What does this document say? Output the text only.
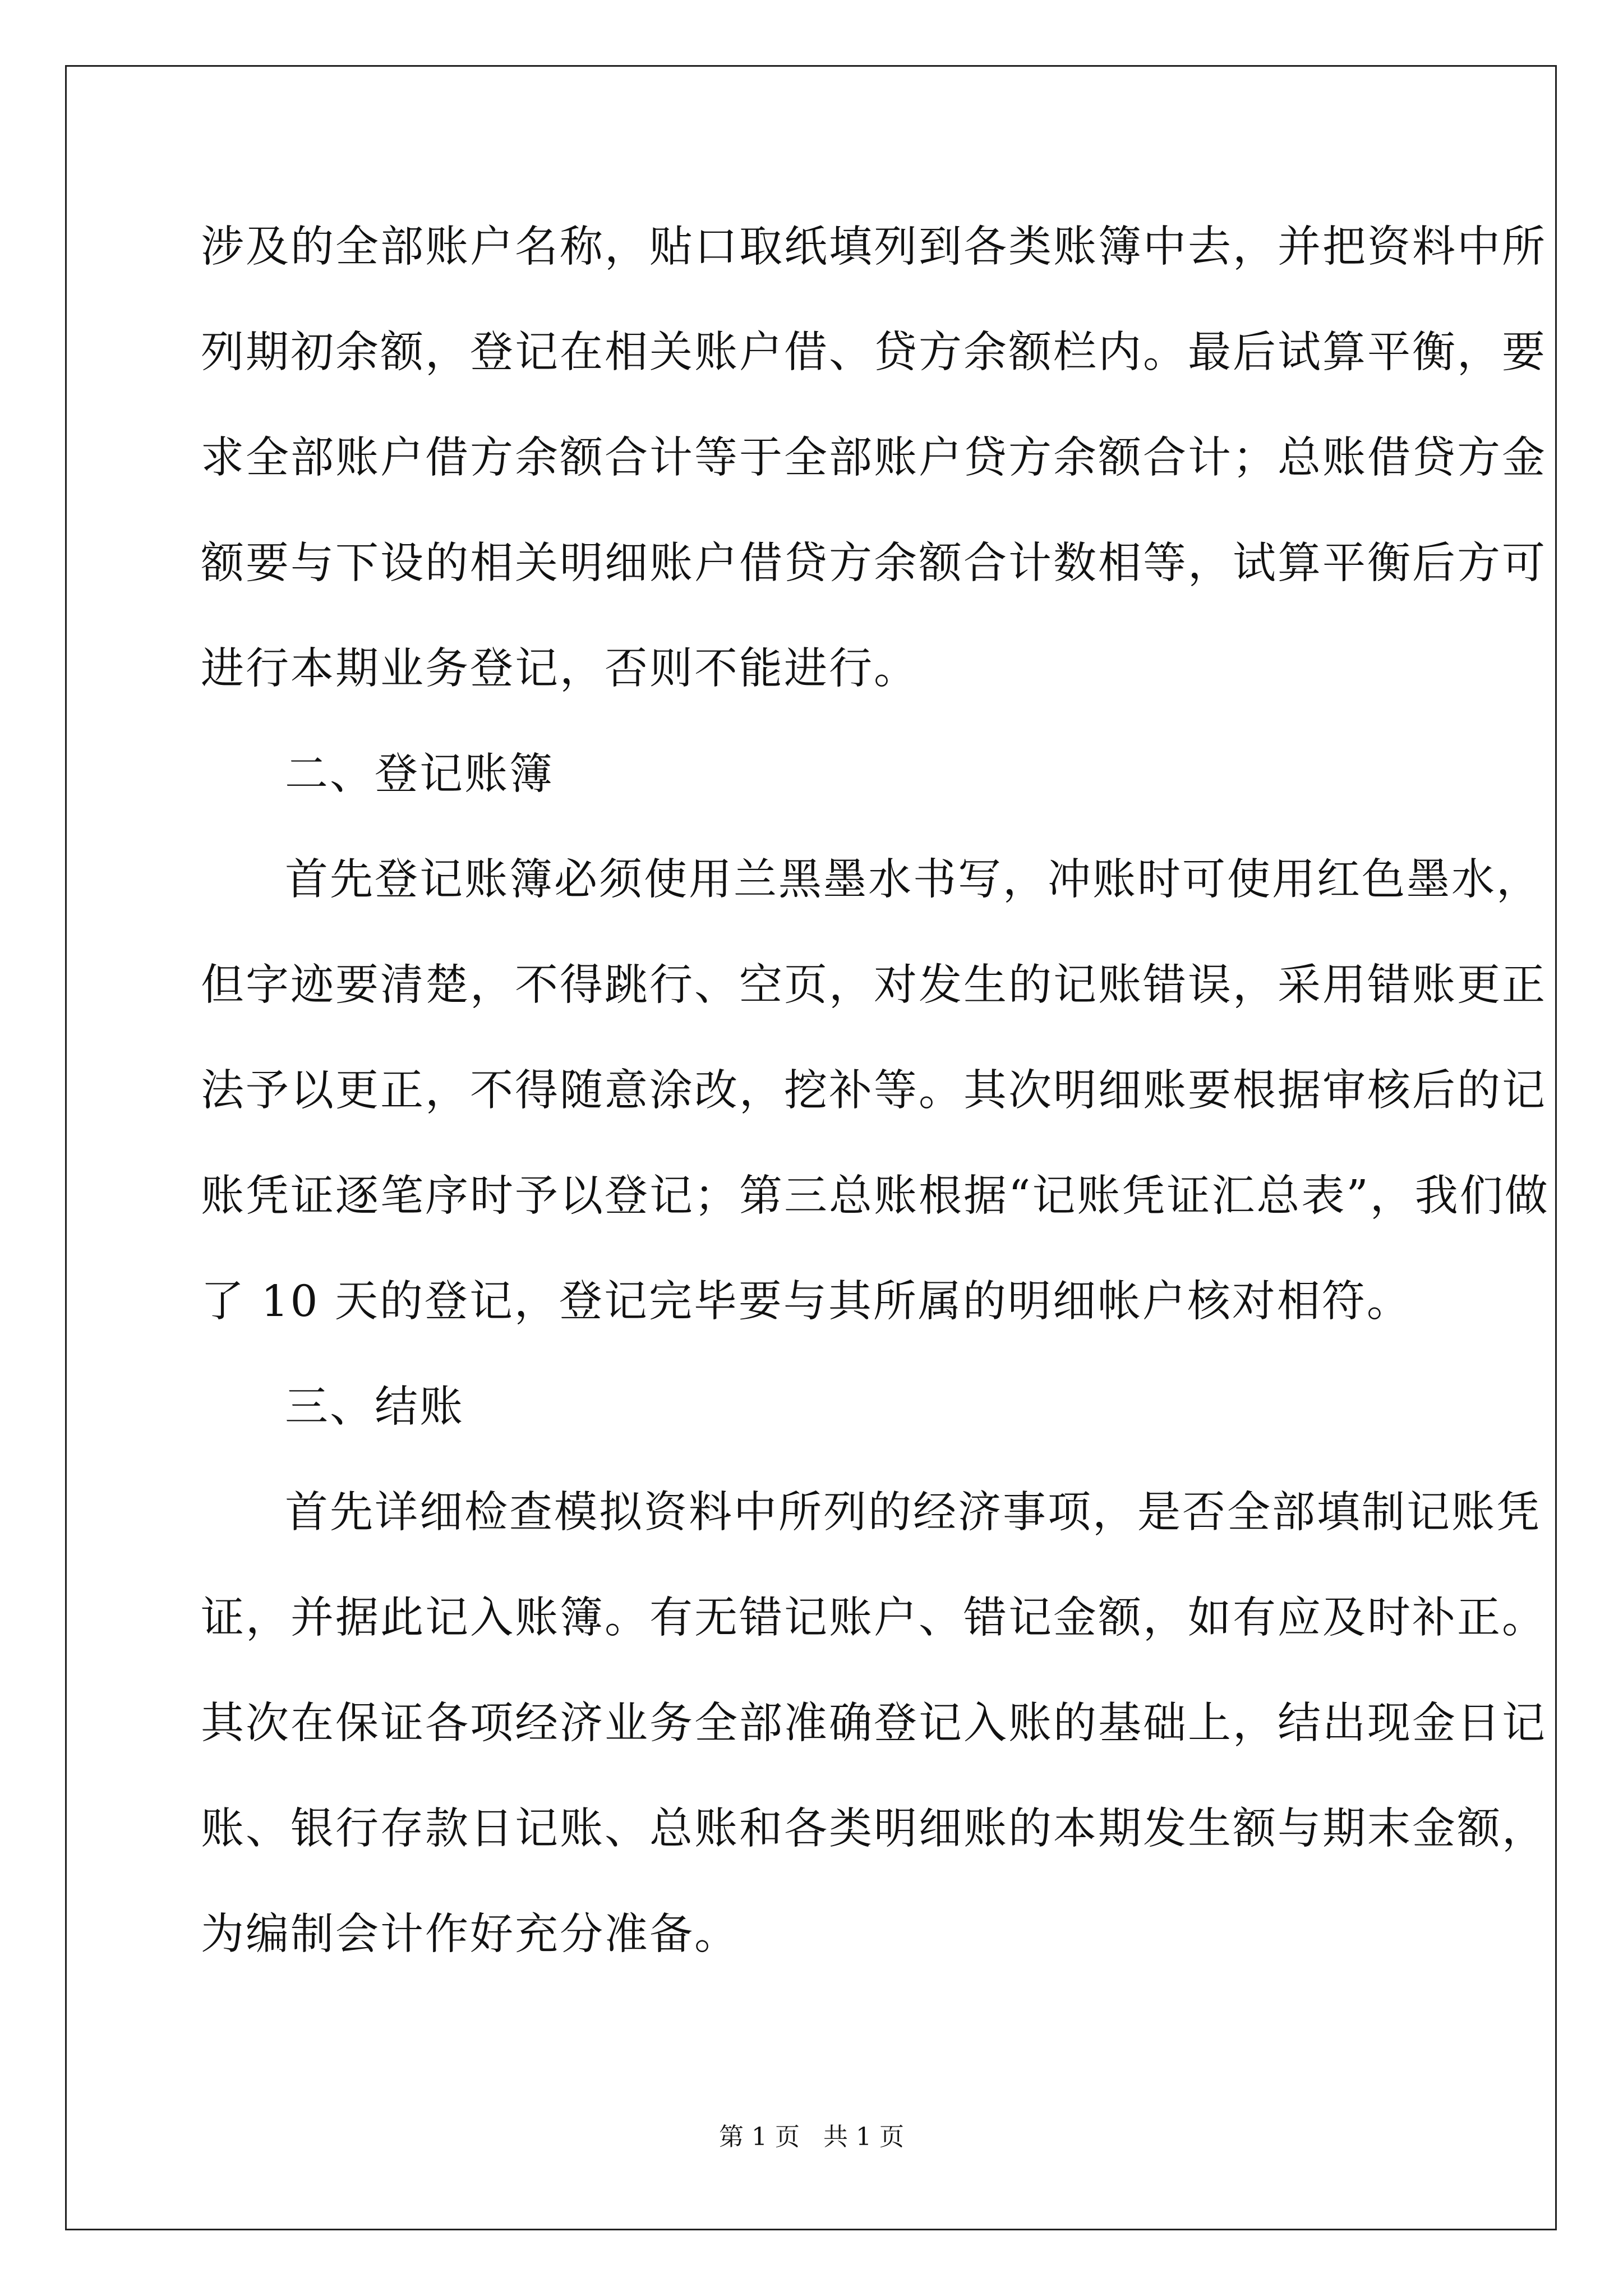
涉及的全部账户名称，贴口取纸填列到各类账簿中去，并把资料中所
列期初余额，登记在相关账户借、贷方余额栏内。最后试算平衡，要
求全部账户借方余额合计等于全部账户贷方余额合计；总账借贷方金
额要与下设的相关明细账户借贷方余额合计数相等，试算平衡后方可
进行本期业务登记，否则不能进行。
二、登记账簿
首先登记账簿必须使用兰黑墨水书写，冲账时可使用红色墨水，
但字迹要清楚，不得跳行、空页，对发生的记账错误，采用错账更正
法予以更正，不得随意涂改，挖补等。其次明细账要根据审核后的记
账凭证逐笔序时予以登记；第三总账根据“记账凭证汇总表”，我们做
了 10 天的登记，登记完毕要与其所属的明细帐户核对相符。
三、结账
首先详细检查模拟资料中所列的经济事项，是否全部填制记账凭
证，并据此记入账簿。有无错记账户、错记金额，如有应及时补正。
其次在保证各项经济业务全部准确登记入账的基础上，结出现金日记
账、银行存款日记账、总账和各类明细账的本期发生额与期末金额，
为编制会计作好充分准备。
第 1 页   共 1 页
